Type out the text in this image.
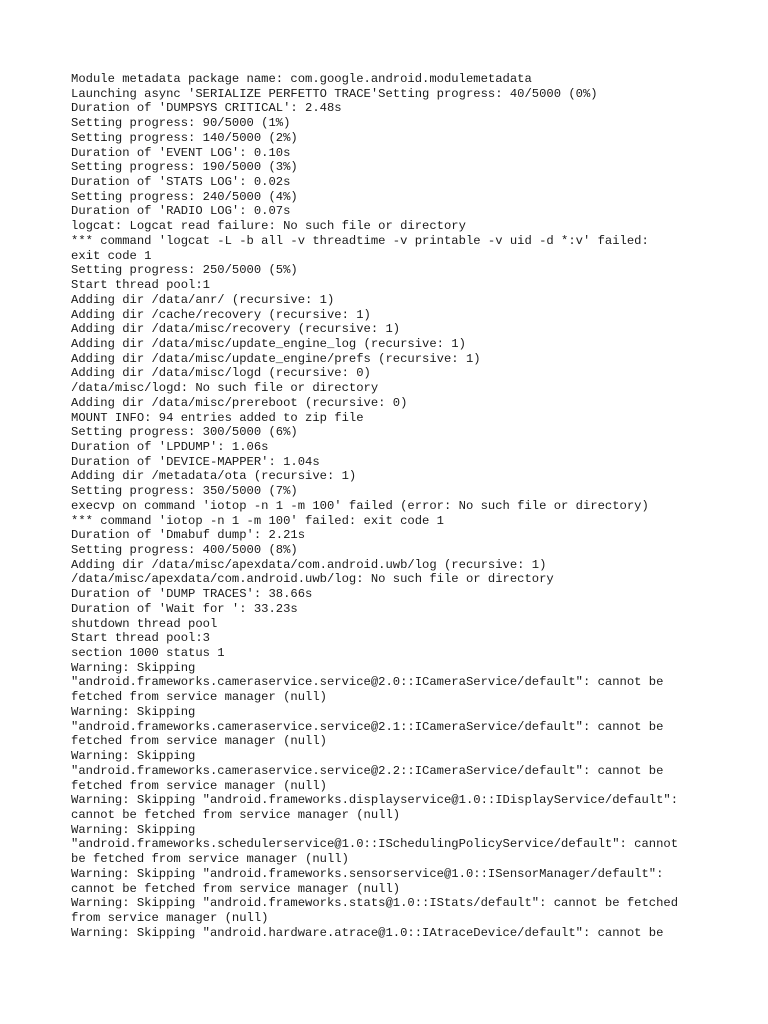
Module metadata package name: com.google.android.modulemetadata
Launching async 'SERIALIZE PERFETTO TRACE'Setting progress: 40/5000 (0%)
Duration of 'DUMPSYS CRITICAL': 2.48s
Setting progress: 90/5000 (1%)
Setting progress: 140/5000 (2%)
Duration of 'EVENT LOG': 0.10s
Setting progress: 190/5000 (3%)
Duration of 'STATS LOG': 0.02s
Setting progress: 240/5000 (4%)
Duration of 'RADIO LOG': 0.07s
logcat: Logcat read failure: No such file or directory
*** command 'logcat -L -b all -v threadtime -v printable -v uid -d *:v' failed:
exit code 1
Setting progress: 250/5000 (5%)
Start thread pool:1
Adding dir /data/anr/ (recursive: 1)
Adding dir /cache/recovery (recursive: 1)
Adding dir /data/misc/recovery (recursive: 1)
Adding dir /data/misc/update_engine_log (recursive: 1)
Adding dir /data/misc/update_engine/prefs (recursive: 1)
Adding dir /data/misc/logd (recursive: 0)
/data/misc/logd: No such file or directory
Adding dir /data/misc/prereboot (recursive: 0)
MOUNT INFO: 94 entries added to zip file
Setting progress: 300/5000 (6%)
Duration of 'LPDUMP': 1.06s
Duration of 'DEVICE-MAPPER': 1.04s
Adding dir /metadata/ota (recursive: 1)
Setting progress: 350/5000 (7%)
execvp on command 'iotop -n 1 -m 100' failed (error: No such file or directory)
*** command 'iotop -n 1 -m 100' failed: exit code 1
Duration of 'Dmabuf dump': 2.21s
Setting progress: 400/5000 (8%)
Adding dir /data/misc/apexdata/com.android.uwb/log (recursive: 1)
/data/misc/apexdata/com.android.uwb/log: No such file or directory
Duration of 'DUMP TRACES': 38.66s
Duration of 'Wait for ': 33.23s
shutdown thread pool
Start thread pool:3
section 1000 status 1
Warning: Skipping
"android.frameworks.cameraservice.service@2.0::ICameraService/default": cannot be
fetched from service manager (null)
Warning: Skipping
"android.frameworks.cameraservice.service@2.1::ICameraService/default": cannot be
fetched from service manager (null)
Warning: Skipping
"android.frameworks.cameraservice.service@2.2::ICameraService/default": cannot be
fetched from service manager (null)
Warning: Skipping "android.frameworks.displayservice@1.0::IDisplayService/default":
cannot be fetched from service manager (null)
Warning: Skipping
"android.frameworks.schedulerservice@1.0::ISchedulingPolicyService/default": cannot
be fetched from service manager (null)
Warning: Skipping "android.frameworks.sensorservice@1.0::ISensorManager/default":
cannot be fetched from service manager (null)
Warning: Skipping "android.frameworks.stats@1.0::IStats/default": cannot be fetched
from service manager (null)
Warning: Skipping "android.hardware.atrace@1.0::IAtraceDevice/default": cannot be
